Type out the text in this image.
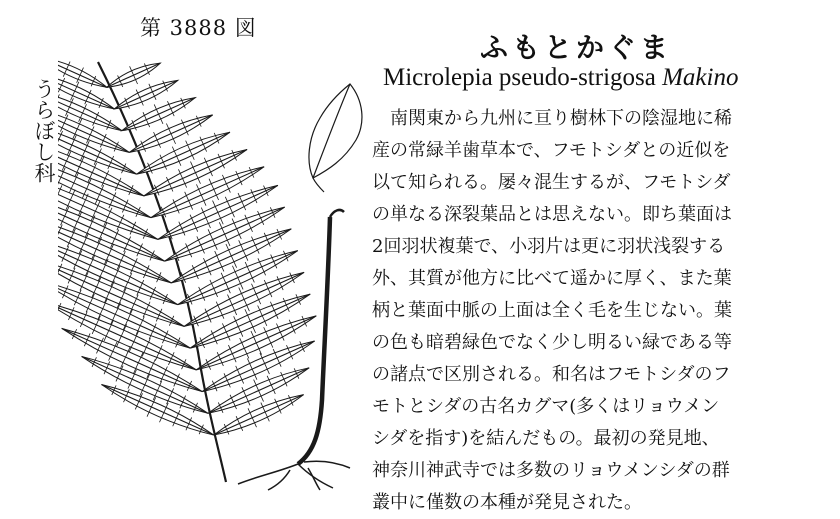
第 3888 図
うらぼし科
ふもとかぐま
Microlepia pseudo-strigosa Makino
南関東から九州に亘り樹林下の陰湿地に稀
産の常緑羊歯草本で、フモトシダとの近似を
以て知られる。屡々混生するが、フモトシダ
の単なる深裂葉品とは思えない。即ち葉面は
2回羽状複葉で、小羽片は更に羽状浅裂する
外、其質が他方に比べて遥かに厚く、また葉
柄と葉面中脈の上面は全く毛を生じない。葉
の色も暗碧緑色でなく少し明るい緑である等
の諸点で区別される。和名はフモトシダのフ
モトとシダの古名カグマ(多くはリョウメン
シダを指す)を結んだもの。最初の発見地、
神奈川神武寺では多数のリョウメンシダの群
叢中に僅数の本種が発見された。
